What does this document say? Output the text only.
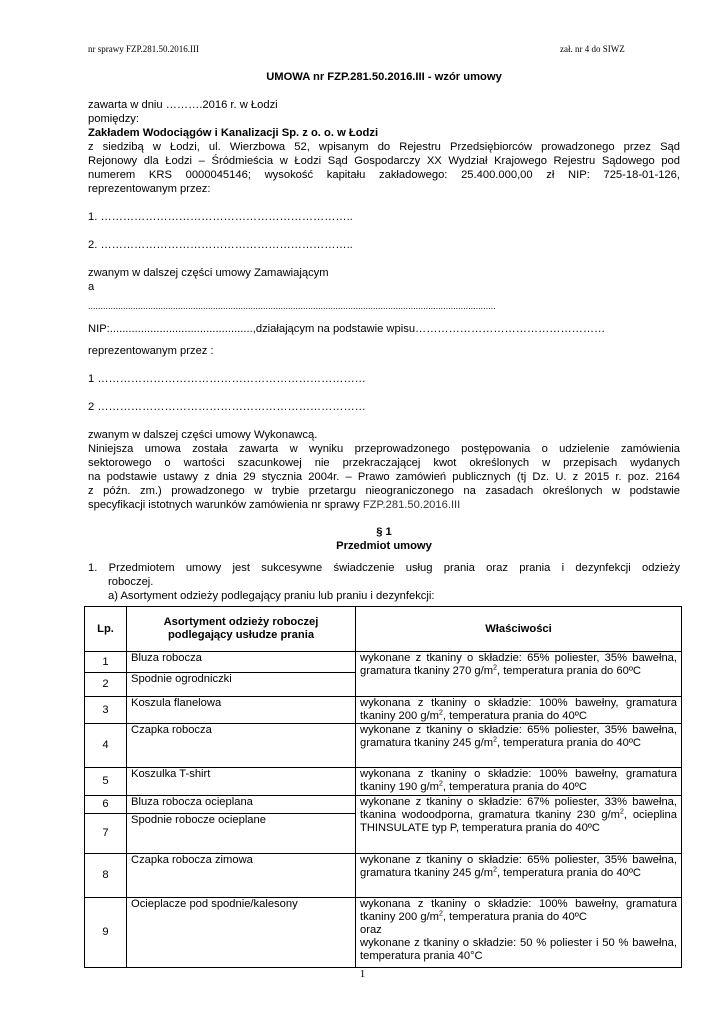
nr sprawy FZP.281.50.2016.III	zał. nr 4 do SIWZ
UMOWA nr FZP.281.50.2016.III - wzór umowy
zawarta w dniu ……….2016 r. w Łodzi
pomiędzy:
Zakładem Wodociągów i Kanalizacji Sp. z o. o. w Łodzi
z siedzibą w Łodzi, ul. Wierzbowa 52, wpisanym do Rejestru Przedsiębiorców prowadzonego przez Sąd
Rejonowy dla Łodzi – Śródmieścia w Łodzi Sąd Gospodarczy XX Wydział Krajowego Rejestru Sądowego pod
numerem KRS 0000045146; wysokość kapitału zakładowego: 25.400.000,00 zł NIP: 725-18-01-126,
reprezentowanym przez:
1. …………………………………………………………..
2. …………………………………………………………..
zwanym w dalszej części umowy Zamawiającym
a
...................................................................................................................................................................
NIP:..............................................,działającym na podstawie wpisu……………………………………………
reprezentowanym przez :
1 ………………………………………………………………
2 ………………………………………………………………
zwanym w dalszej części umowy Wykonawcą.
Niniejsza umowa została zawarta w wyniku przeprowadzonego postępowania o udzielenie zamówienia
sektorowego o wartości szacunkowej nie przekraczającej kwot określonych w przepisach wydanych
na podstawie ustawy z dnia 29 stycznia 2004r. – Prawo zamówień publicznych (tj Dz. U. z 2015 r. poz. 2164
z późn. zm.) prowadzonego w trybie przetargu nieograniczonego na zasadach określonych w podstawie
specyfikacji istotnych warunków zamówienia nr sprawy FZP.281.50.2016.III
§ 1
Przedmiot umowy
1. Przedmiotem umowy jest sukcesywne świadczenie usług prania oraz prania i dezynfekcji odzieży
roboczej.
a) Asortyment odzieży podlegający praniu lub praniu i dezynfekcji:
Lp.	Asortyment odzieży roboczej podlegający usłudze prania	Właściwości
1	Bluza robocza	wykonane z tkaniny o składzie: 65% poliester, 35% bawełna, gramatura tkaniny 270 $g/m^2$, temperatura prania do 60ºC
2	Spodnie ogrodniczki	
3	Koszula flanelowa	wykonana z tkaniny o składzie: 100% bawełny, gramatura tkaniny 200 $g/m^2$, temperatura prania do 40ºC
4	Czapka robocza	wykonane z tkaniny o składzie: 65% poliester, 35% bawełna, gramatura tkaniny 245 $g/m^2$, temperatura prania do 40ºC
5	Koszulka T-shirt	wykonana z tkaniny o składzie: 100% bawełny, gramatura tkaniny 190 $g/m^2$, temperatura prania do 40ºC
6	Bluza robocza ocieplana	wykonane z tkaniny o składzie: 67% poliester, 33% bawełna, tkanina wodoodporna, gramatura tkaniny 230 $g/m^2$, ocieplina THINSULATE typ P, temperatura prania do 40ºC
7	Spodnie robocze ocieplane	
8	Czapka robocza zimowa	wykonane z tkaniny o składzie: 65% poliester, 35% bawełna, gramatura tkaniny 245 $g/m^2$, temperatura prania do 40ºC
9	Ocieplacze pod spodnie/kalesony	wykonana z tkaniny o składzie: 100% bawełny, gramatura tkaniny 200 $g/m^2$, temperatura prania do 40ºC
oraz
wykonane z tkaniny o składzie: 50 % poliester i 50 % bawełna, temperatura prania 40°C
1
